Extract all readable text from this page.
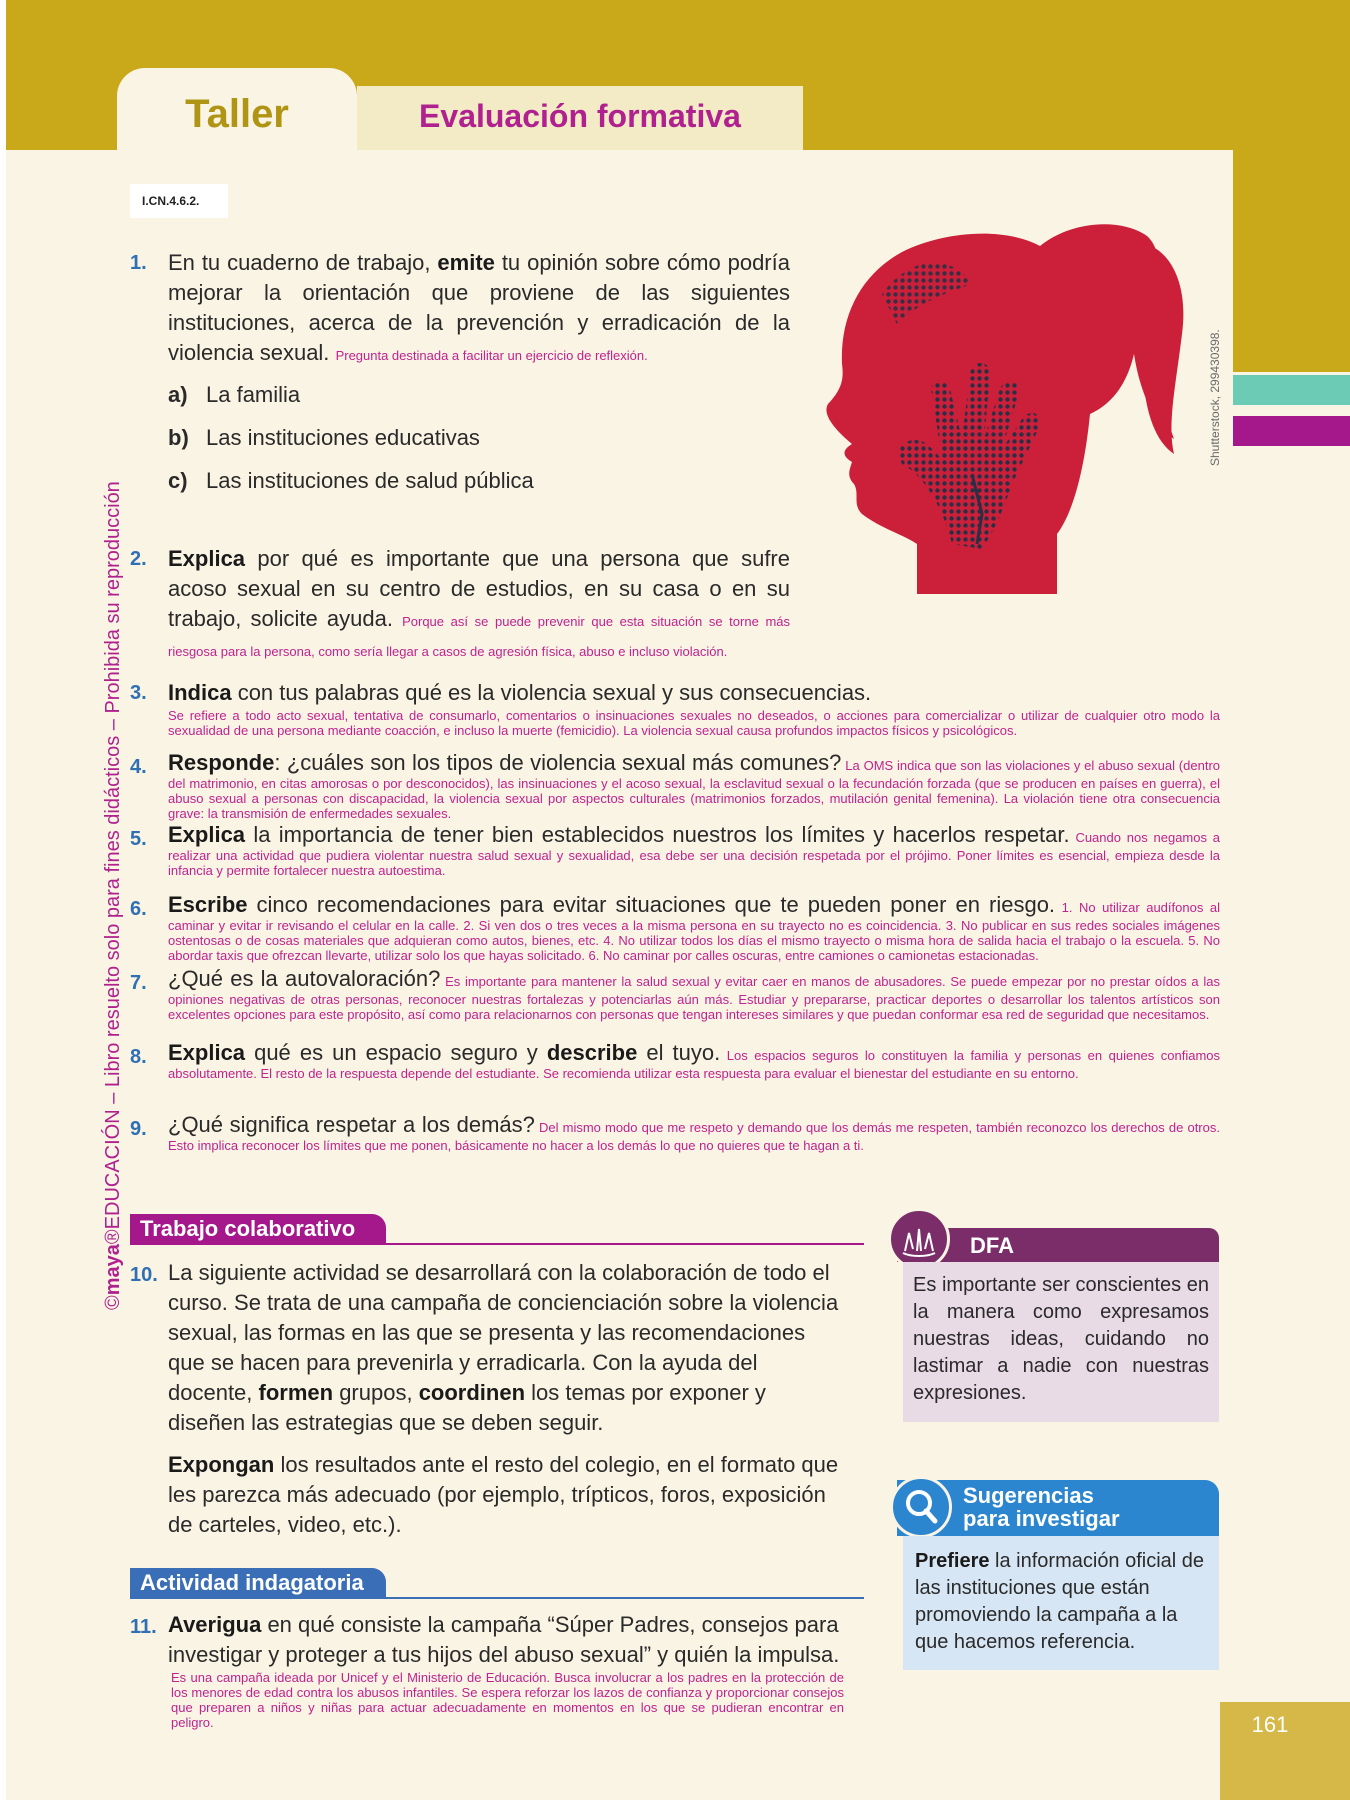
Taller	Evaluación formativa
I.CN.4.6.2.
©maya®EDUCACIÓN – Libro resuelto solo para fines didácticos – Prohibida su reproducción
Shutterstock, 299430398.
1. En tu cuaderno de trabajo, emite tu opinión sobre cómo podría mejorar la orientación que proviene de las siguientes instituciones, acerca de la prevención y erradicación de la violencia sexual. Pregunta destinada a facilitar un ejercicio de reflexión.
a) La familia
b) Las instituciones educativas
c) Las instituciones de salud pública
2. Explica por qué es importante que una persona que sufre acoso sexual en su centro de estudios, en su casa o en su trabajo, solicite ayuda. Porque así se puede prevenir que esta situación se torne más riesgosa para la persona, como sería llegar a casos de agresión física, abuso e incluso violación.
3. Indica con tus palabras qué es la violencia sexual y sus consecuencias.
Se refiere a todo acto sexual, tentativa de consumarlo, comentarios o insinuaciones sexuales no deseados, o acciones para comercializar o utilizar de cualquier otro modo la sexualidad de una persona mediante coacción, e incluso la muerte (femicidio). La violencia sexual causa profundos impactos físicos y psicológicos.
4. Responde: ¿cuáles son los tipos de violencia sexual más comunes? La OMS indica que son las violaciones y el abuso sexual (dentro del matrimonio, en citas amorosas o por desconocidos), las insinuaciones y el acoso sexual, la esclavitud sexual o la fecundación forzada (que se producen en países en guerra), el abuso sexual a personas con discapacidad, la violencia sexual por aspectos culturales (matrimonios forzados, mutilación genital femenina). La violación tiene otra consecuencia grave: la transmisión de enfermedades sexuales.
5. Explica la importancia de tener bien establecidos nuestros los límites y hacerlos respetar. Cuando nos negamos a realizar una actividad que pudiera violentar nuestra salud sexual y sexualidad, esa debe ser una decisión respetada por el prójimo. Poner límites es esencial, empieza desde la infancia y permite fortalecer nuestra autoestima.
6. Escribe cinco recomendaciones para evitar situaciones que te pueden poner en riesgo. 1. No utilizar audífonos al caminar y evitar ir revisando el celular en la calle. 2. Si ven dos o tres veces a la misma persona en su trayecto no es coincidencia. 3. No publicar en sus redes sociales imágenes ostentosas o de cosas materiales que adquieran como autos, bienes, etc. 4. No utilizar todos los días el mismo trayecto o misma hora de salida hacia el trabajo o la escuela. 5. No abordar taxis que ofrezcan llevarte, utilizar solo los que hayas solicitado. 6. No caminar por calles oscuras, entre camiones o camionetas estacionadas.
7. ¿Qué es la autovaloración? Es importante para mantener la salud sexual y evitar caer en manos de abusadores. Se puede empezar por no prestar oídos a las opiniones negativas de otras personas, reconocer nuestras fortalezas y potenciarlas aún más. Estudiar y prepararse, practicar deportes o desarrollar los talentos artísticos son excelentes opciones para este propósito, así como para relacionarnos con personas que tengan intereses similares y que puedan conformar esa red de seguridad que necesitamos.
8. Explica qué es un espacio seguro y describe el tuyo. Los espacios seguros lo constituyen la familia y personas en quienes confiamos absolutamente. El resto de la respuesta depende del estudiante. Se recomienda utilizar esta respuesta para evaluar el bienestar del estudiante en su entorno.
9. ¿Qué significa respetar a los demás? Del mismo modo que me respeto y demando que los demás me respeten, también reconozco los derechos de otros. Esto implica reconocer los límites que me ponen, básicamente no hacer a los demás lo que no quieres que te hagan a ti.
Trabajo colaborativo
10. La siguiente actividad se desarrollará con la colaboración de todo el curso. Se trata de una campaña de concienciación sobre la violencia sexual, las formas en las que se presenta y las recomendaciones que se hacen para prevenirla y erradicarla. Con la ayuda del docente, formen grupos, coordinen los temas por exponer y diseñen las estrategias que se deben seguir.
Expongan los resultados ante el resto del colegio, en el formato que les parezca más adecuado (por ejemplo, trípticos, foros, exposición de carteles, video, etc.).
Actividad indagatoria
11. Averigua en qué consiste la campaña “Súper Padres, consejos para investigar y proteger a tus hijos del abuso sexual” y quién la impulsa.
Es una campaña ideada por Unicef y el Ministerio de Educación. Busca involucrar a los padres en la protección de los menores de edad contra los abusos infantiles. Se espera reforzar los lazos de confianza y proporcionar consejos que preparen a niños y niñas para actuar adecuadamente en momentos en los que se pudieran encontrar en peligro.
DFA
Es importante ser conscientes en la manera como expresamos nuestras ideas, cuidando no lastimar a nadie con nuestras expresiones.
Sugerencias
para investigar
Prefiere la información oficial de las instituciones que están promoviendo la campaña a la que hacemos referencia.
161
